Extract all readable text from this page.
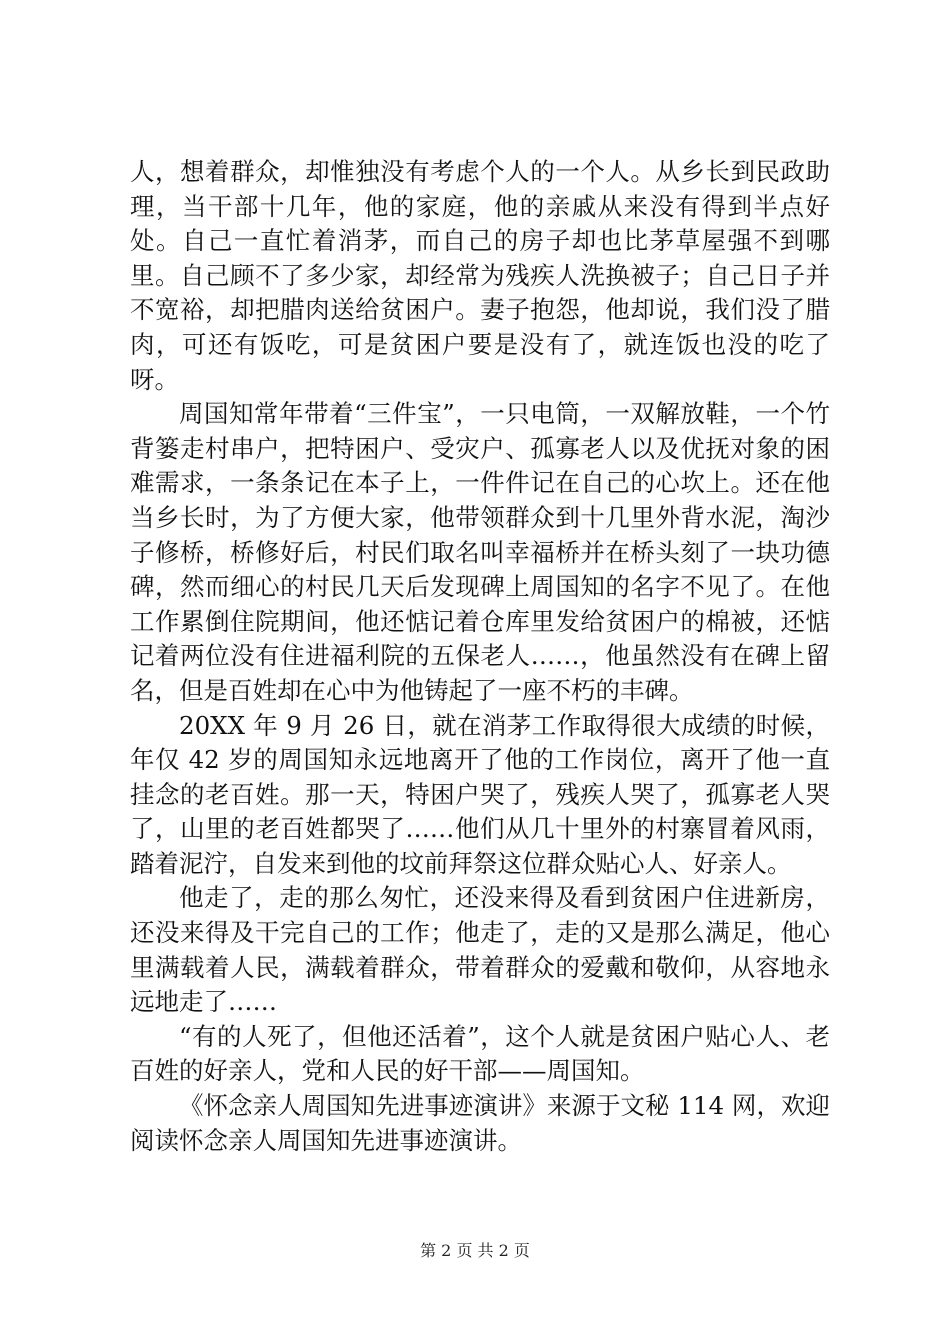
人，想着群众，却惟独没有考虑个人的一个人。从乡长到民政助理，当干部十几年，他的家庭，他的亲戚从来没有得到半点好处。自己一直忙着消茅，而自己的房子却也比茅草屋强不到哪里。自己顾不了多少家，却经常为残疾人洗换被子；自己日子并不宽裕，却把腊肉送给贫困户。妻子抱怨，他却说，我们没了腊肉，可还有饭吃，可是贫困户要是没有了，就连饭也没的吃了呀。

周国知常年带着“三件宝”，一只电筒，一双解放鞋，一个竹背篓走村串户，把特困户、受灾户、孤寡老人以及优抚对象的困难需求，一条条记在本子上，一件件记在自己的心坎上。还在他当乡长时，为了方便大家，他带领群众到十几里外背水泥，淘沙子修桥，桥修好后，村民们取名叫幸福桥并在桥头刻了一块功德碑，然而细心的村民几天后发现碑上周国知的名字不见了。在他工作累倒住院期间，他还惦记着仓库里发给贫困户的棉被，还惦记着两位没有住进福利院的五保老人……，他虽然没有在碑上留名，但是百姓却在心中为他铸起了一座不朽的丰碑。

20XX 年 9 月 26 日，就在消茅工作取得很大成绩的时候，年仅 42 岁的周国知永远地离开了他的工作岗位，离开了他一直挂念的老百姓。那一天，特困户哭了，残疾人哭了，孤寡老人哭了，山里的老百姓都哭了……他们从几十里外的村寨冒着风雨，踏着泥泞，自发来到他的坟前拜祭这位群众贴心人、好亲人。

他走了，走的那么匆忙，还没来得及看到贫困户住进新房，还没来得及干完自己的工作；他走了，走的又是那么满足，他心里满载着人民，满载着群众，带着群众的爱戴和敬仰，从容地永远地走了……

“有的人死了，但他还活着”，这个人就是贫困户贴心人、老百姓的好亲人，党和人民的好干部——周国知。

《怀念亲人周国知先进事迹演讲》来源于文秘 114 网，欢迎阅读怀念亲人周国知先进事迹演讲。

第 2 页 共 2 页
